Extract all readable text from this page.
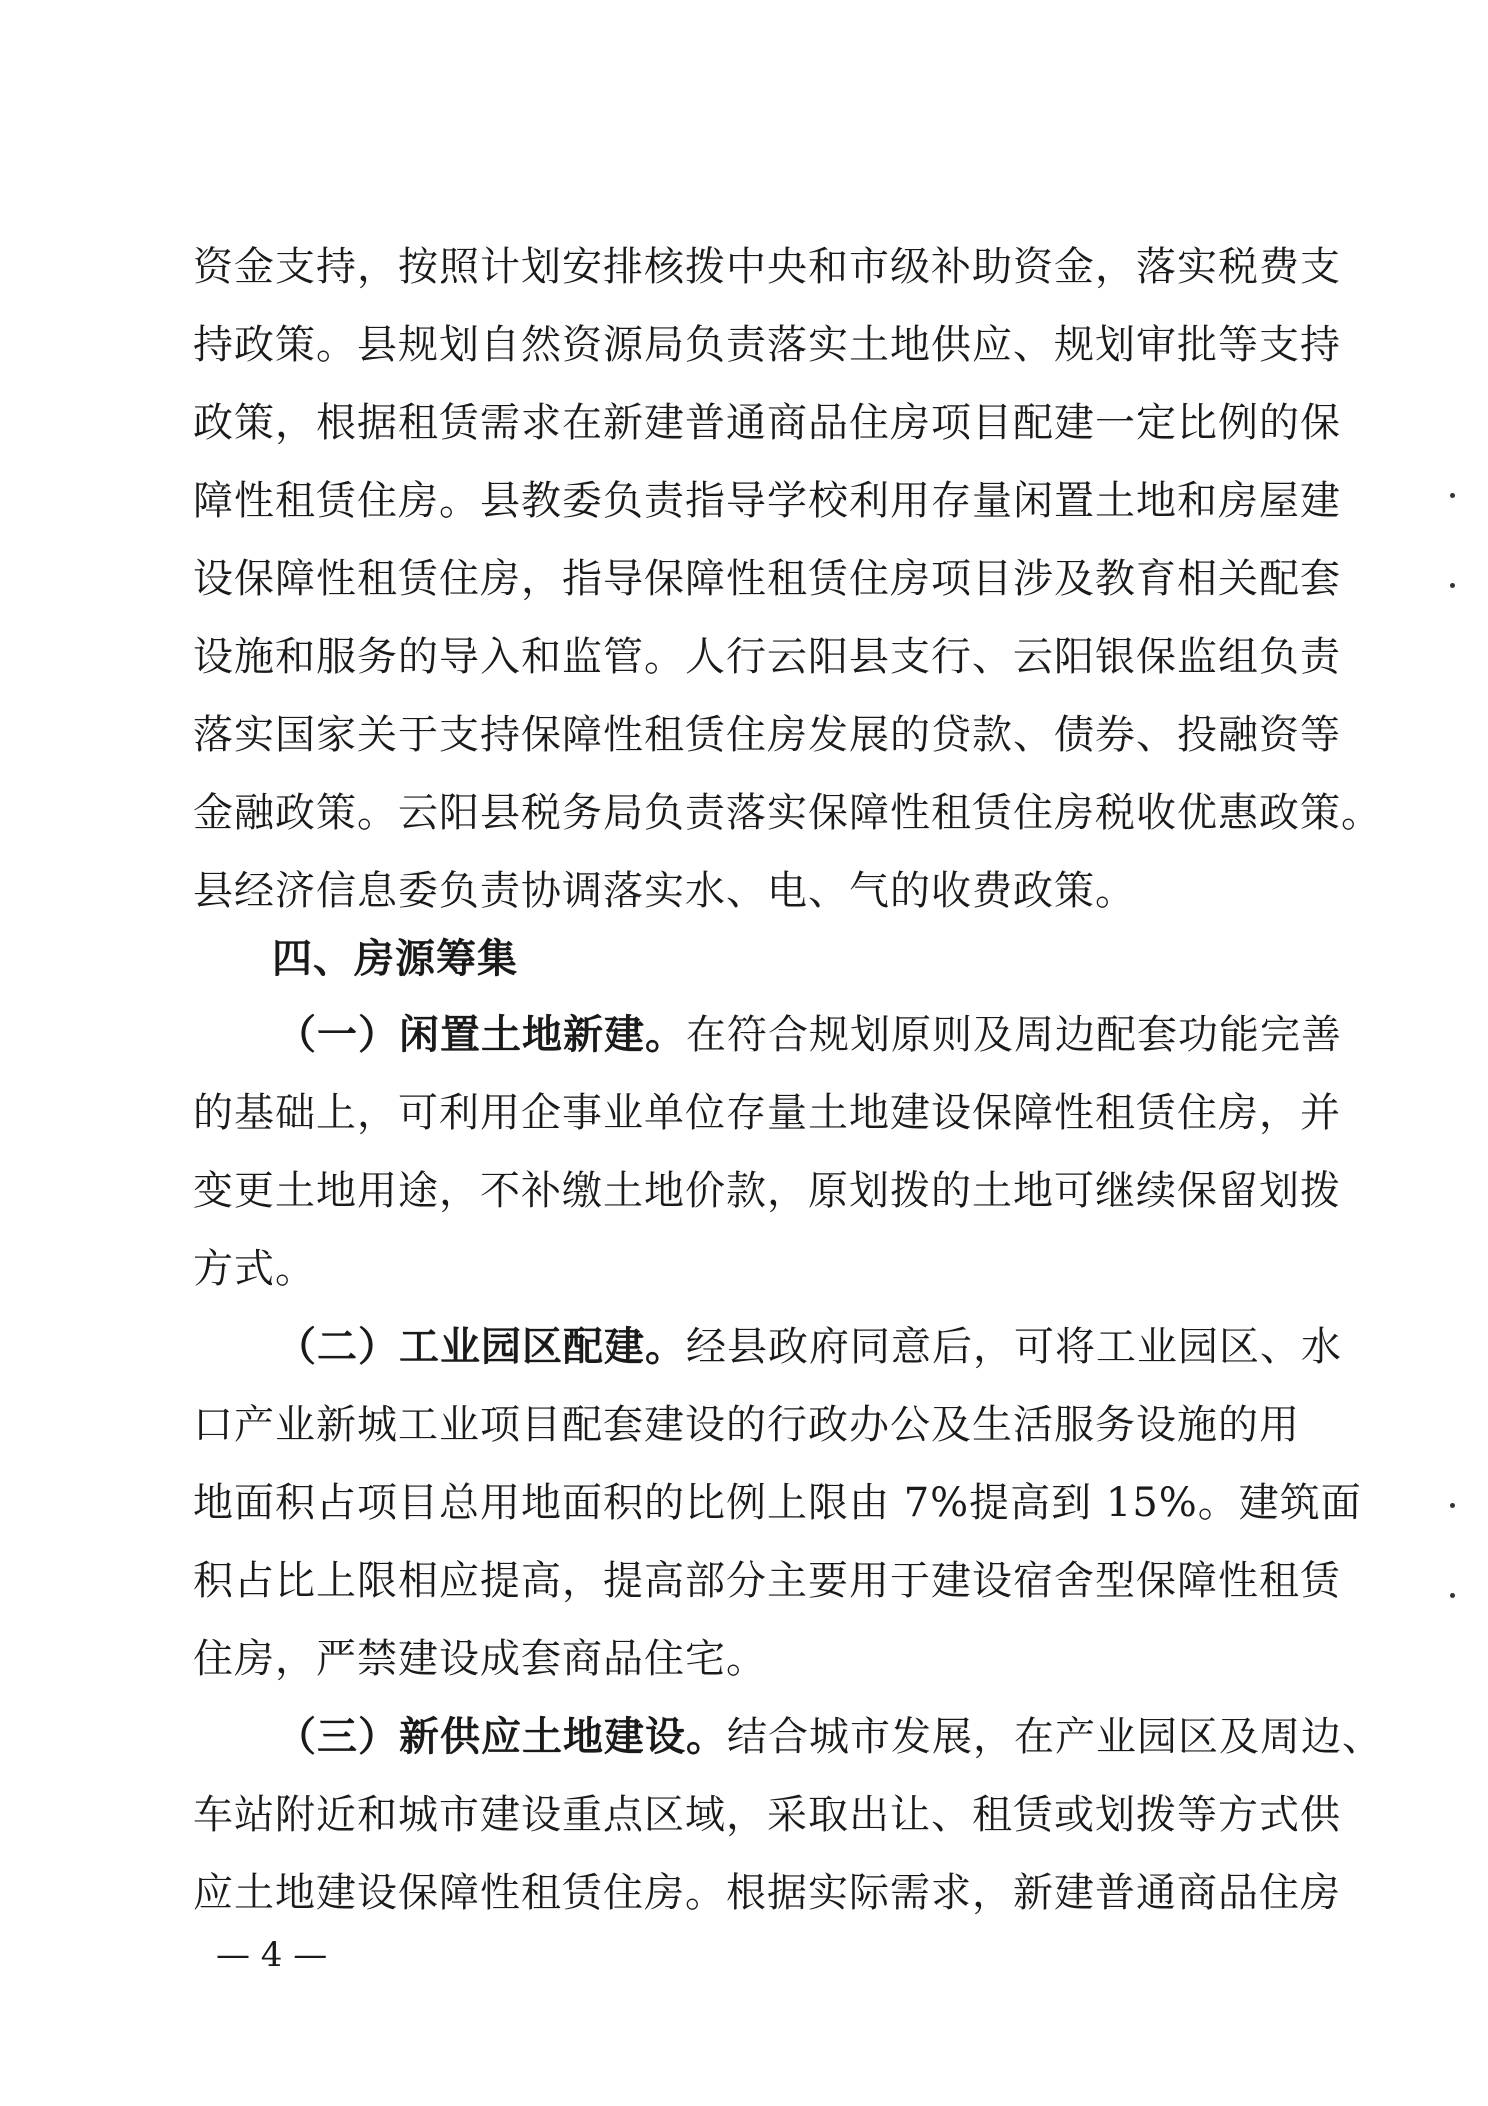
资金支持，按照计划安排核拨中央和市级补助资金，落实税费支
持政策。县规划自然资源局负责落实土地供应、规划审批等支持
政策，根据租赁需求在新建普通商品住房项目配建一定比例的保
障性租赁住房。县教委负责指导学校利用存量闲置土地和房屋建
设保障性租赁住房，指导保障性租赁住房项目涉及教育相关配套
设施和服务的导入和监管。人行云阳县支行、云阳银保监组负责
落实国家关于支持保障性租赁住房发展的贷款、债券、投融资等
金融政策。云阳县税务局负责落实保障性租赁住房税收优惠政策。
县经济信息委负责协调落实水、电、气的收费政策。
四、房源筹集
（一）闲置土地新建。在符合规划原则及周边配套功能完善
的基础上，可利用企事业单位存量土地建设保障性租赁住房，并
变更土地用途，不补缴土地价款，原划拨的土地可继续保留划拨
方式。
（二）工业园区配建。经县政府同意后，可将工业园区、水
口产业新城工业项目配套建设的行政办公及生活服务设施的用
地面积占项目总用地面积的比例上限由 7%提高到 15%。建筑面
积占比上限相应提高，提高部分主要用于建设宿舍型保障性租赁
住房，严禁建设成套商品住宅。
（三）新供应土地建设。结合城市发展，在产业园区及周边、
车站附近和城市建设重点区域，采取出让、租赁或划拨等方式供
应土地建设保障性租赁住房。根据实际需求，新建普通商品住房
— 4 —
